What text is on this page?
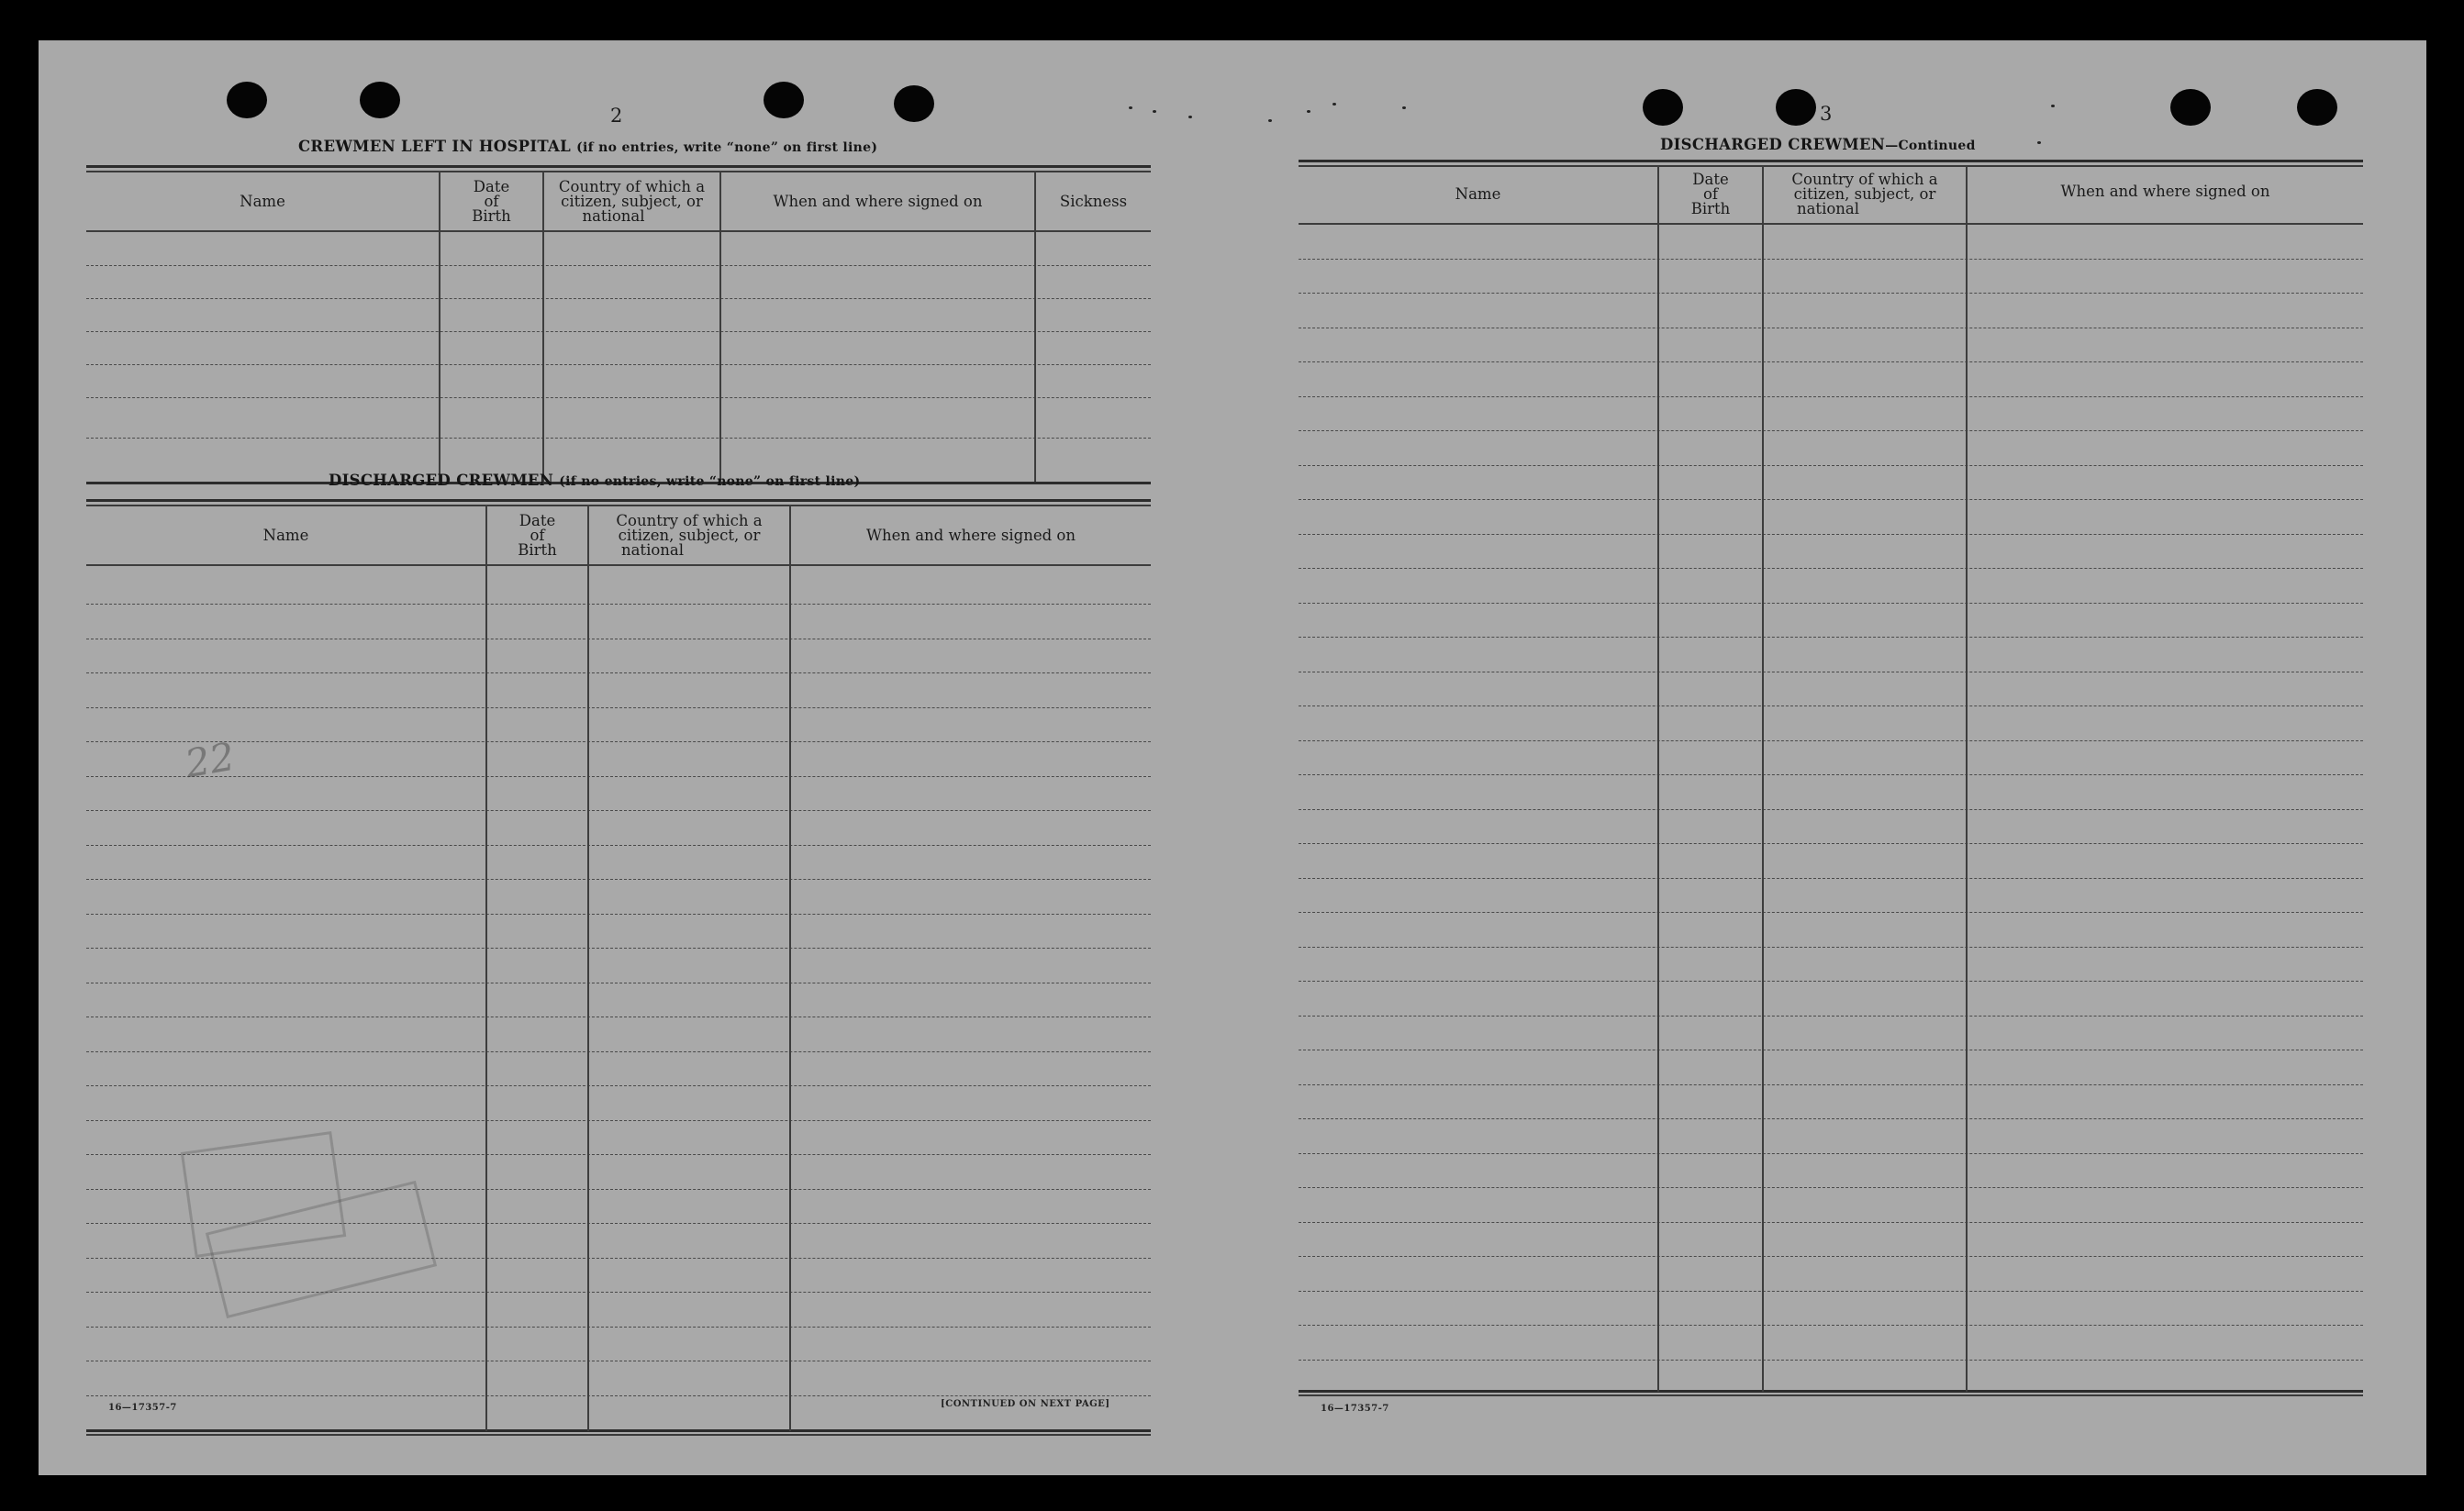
2
CREWMEN LEFT IN HOSPITAL (if no entries, write “none” on first line)
Name
Date
of
Birth
Country of which a
citizen, subject, or
national
When and where signed on	Sickness
DISCHARGED CREWMEN (if no entries, write “none” on first line)
Name
Date
of
Birth
Country of which a
citizen, subject, or
national
When and where signed on
22
16—17357-7	[CONTINUED ON NEXT PAGE]
3
DISCHARGED CREWMEN—Continued
Name
Date
of
Birth
Country of which a
citizen, subject, or
national
When and where signed on
16—17357-7
